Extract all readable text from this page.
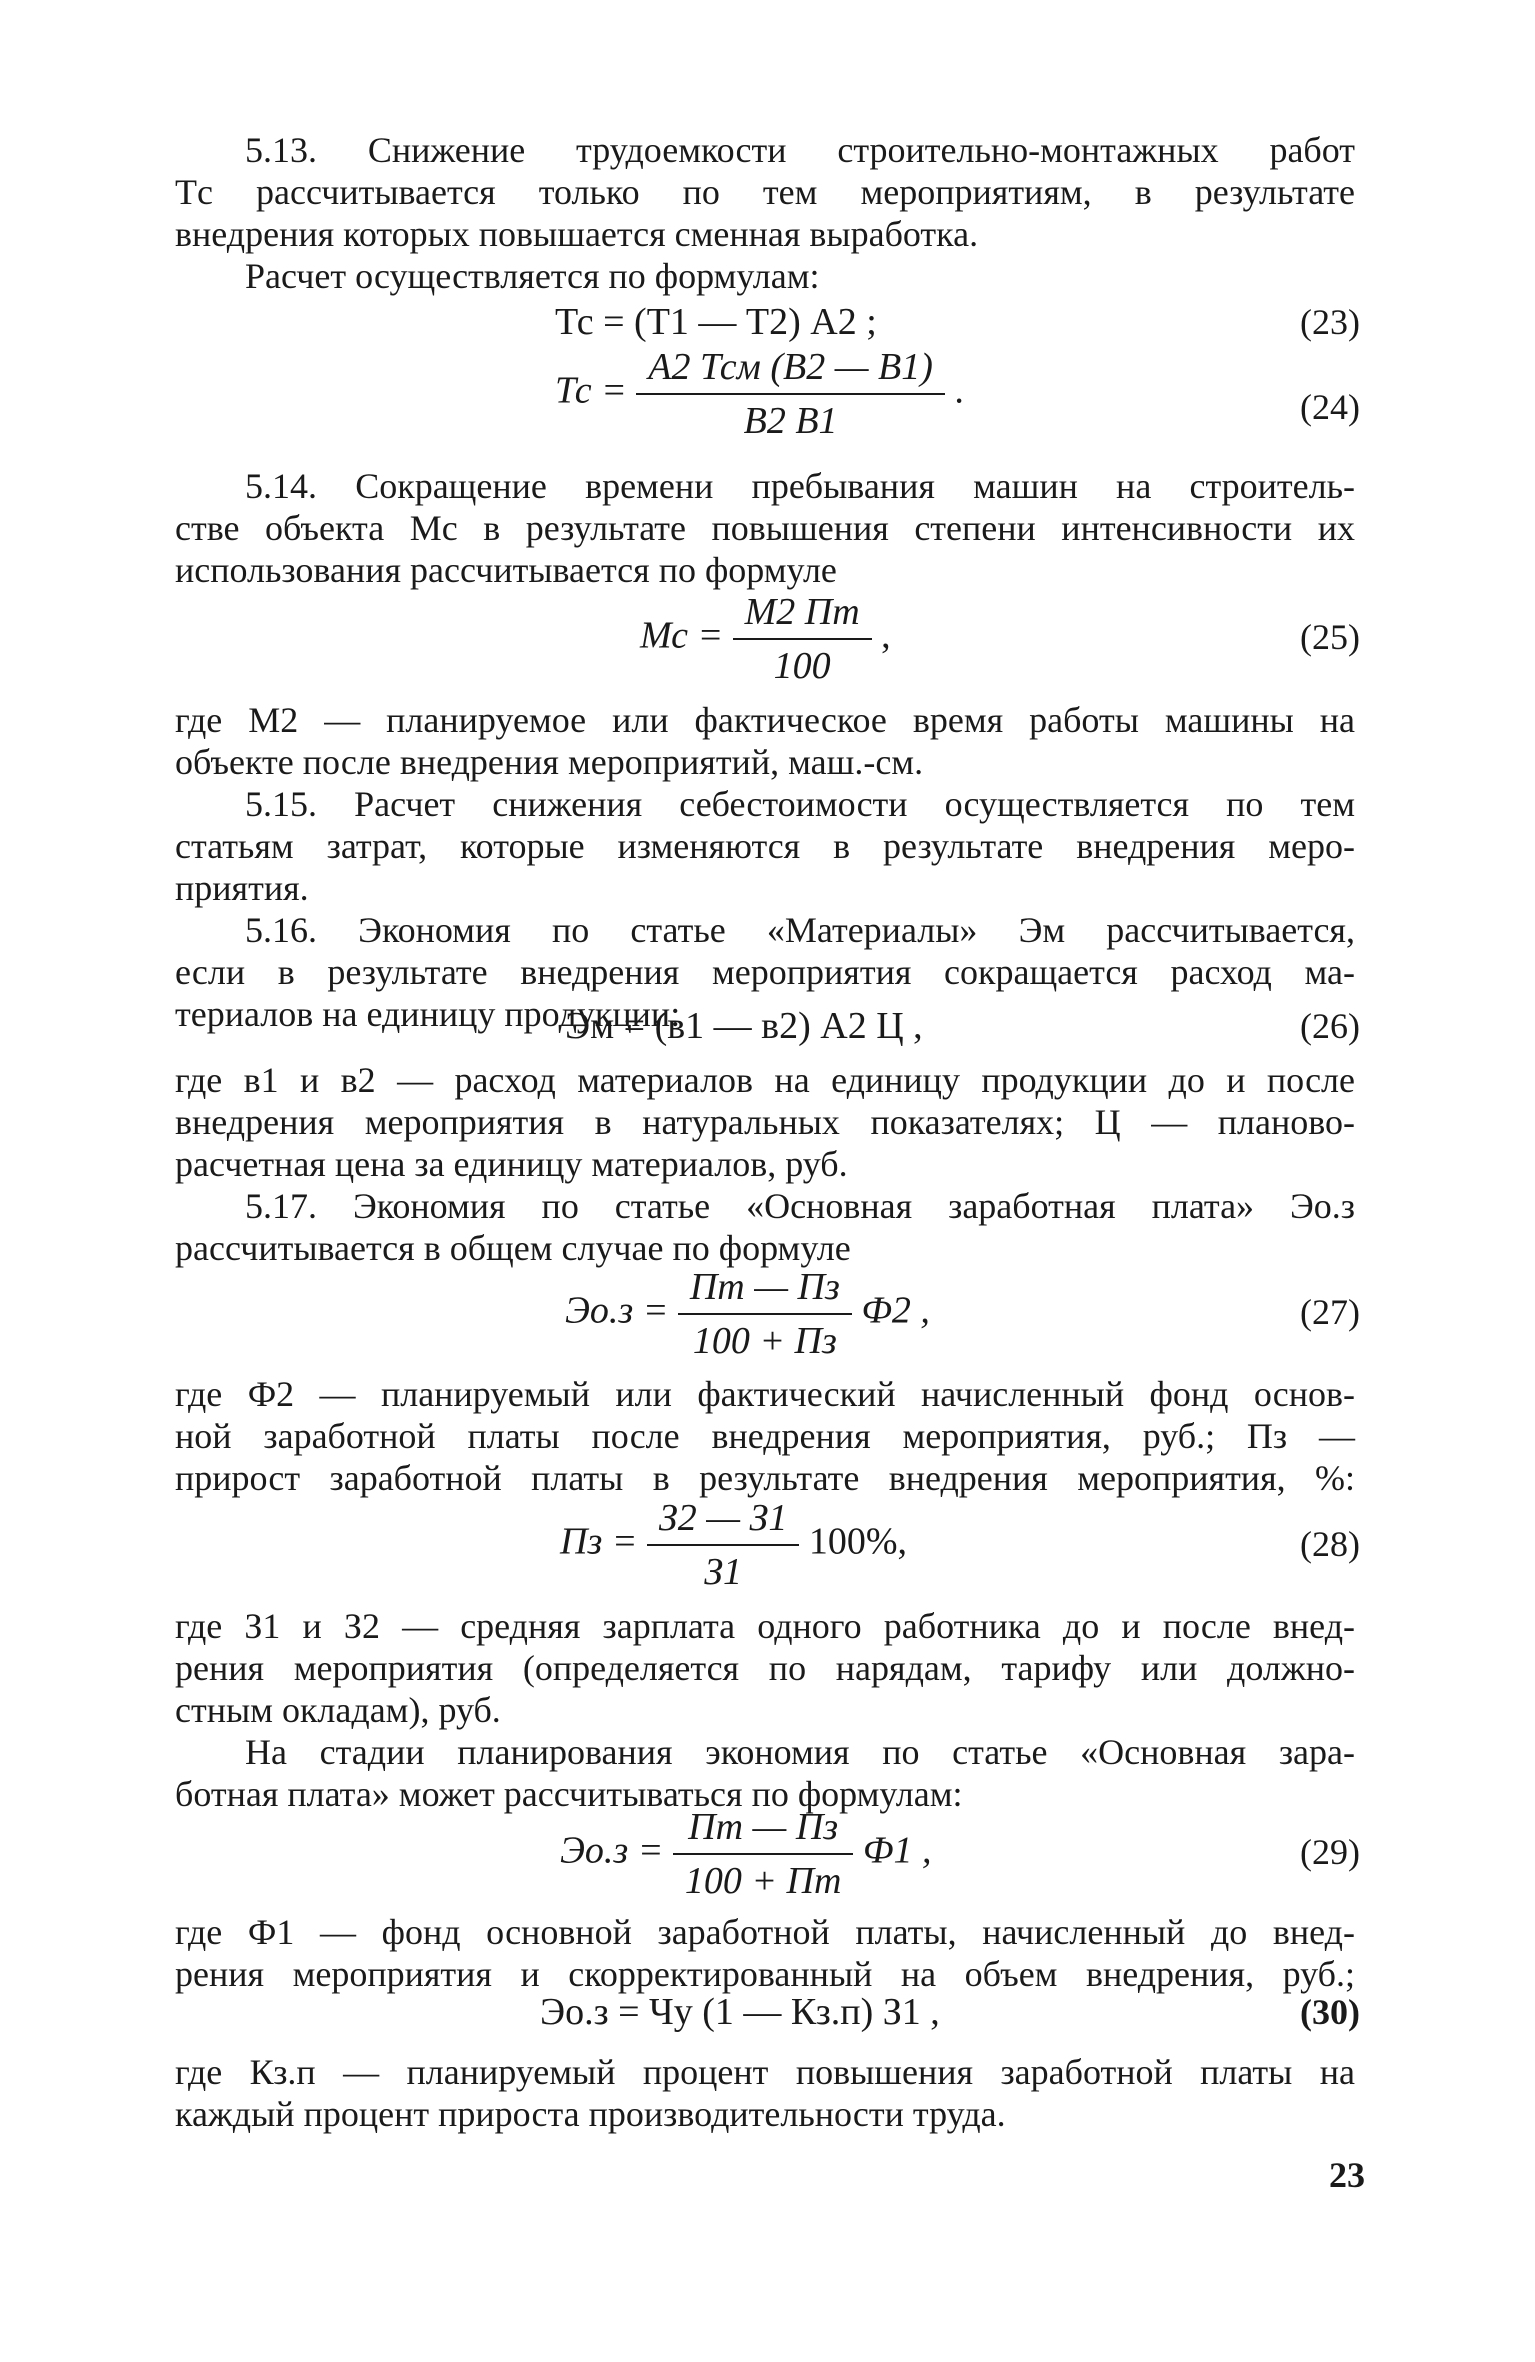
5.13. Снижение трудоемкости строительно-монтажных работ
Tс рассчитывается только по тем мероприятиям, в результате
внедрения которых повышается сменная выработка.
Расчет осуществляется по формулам:
Тс = (Т1 — Т2) А2 ;	(23)
Тс = $\frac{\text{А2 Тсм (В2 — В1)}}{В2 В1}$ .	(24)
5.14. Сокращение времени пребывания машин на строитель-
стве объекта Мс в результате повышения степени интенсивности их
использования рассчитывается по формуле
Мс = $\frac{М2 Пт}{100}$ ,	(25)
где М2 — планируемое или фактическое время работы машины на
объекте после внедрения мероприятий, маш.-см.
5.15. Расчет снижения себестоимости осуществляется по тем
статьям затрат, которые изменяются в результате внедрения меро-
приятия.
5.16. Экономия по статье «Материалы» Эм рассчитывается,
если в результате внедрения мероприятия сокращается расход ма-
териалов на единицу продукции:
Эм = (в1 — в2) А2 Ц ,	(26)
где в1 и в2 — расход материалов на единицу продукции до и после
внедрения мероприятия в натуральных показателях; Ц — планово-
расчетная цена за единицу материалов, руб.
5.17. Экономия по статье «Основная заработная плата» Эо.з
рассчитывается в общем случае по формуле
$Эо.з = \frac{Пт — Пз}{100 + Пз} Ф2$ ,	(27)
где Ф2 — планируемый или фактический начисленный фонд основ-
ной заработной платы после внедрения мероприятия, руб.; Пз —
прирост заработной платы в результате внедрения мероприятия, %:
Пз = $\frac{З2 — З1}{З1} 100\%$,	(28)
где З1 и З2 — средняя зарплата одного работника до и после внед-
рения мероприятия (определяется по нарядам, тарифу или должно-
стным окладам), руб.
На стадии планирования экономия по статье «Основная зара-
ботная плата» может рассчитываться по формулам:
$Эо.з = \frac{Пт — Пз}{100 + Пт} Ф1$ ,	(29)
где Ф1 — фонд основной заработной платы, начисленный до внед-
рения мероприятия и скорректированный на объем внедрения, руб.;
Эо.з = Чу (1 — Кз.п) З1 ,	(30)
где Кз.п — планируемый процент повышения заработной платы на
каждый процент прироста производительности труда.
23
